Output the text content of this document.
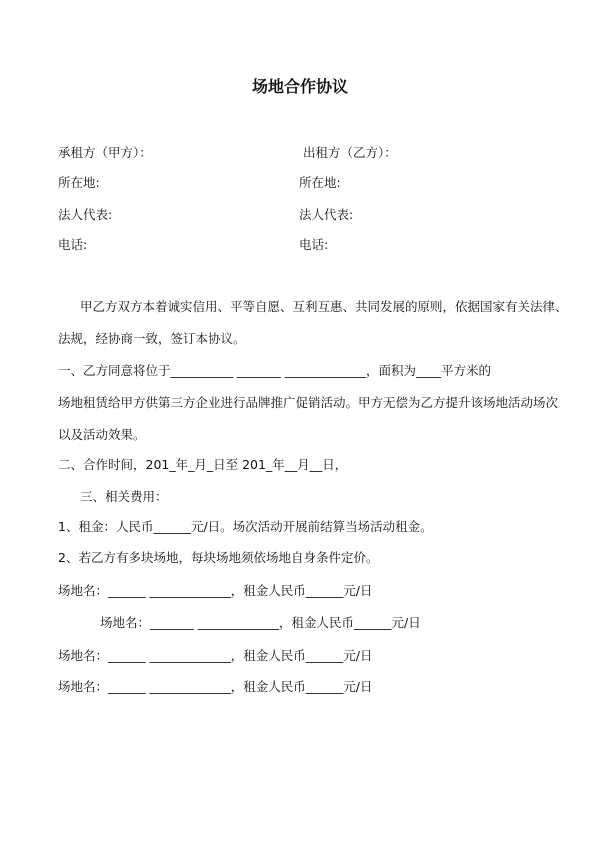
场地合作协议
承租方（甲方）：	出租方（乙方）：
所在地:	所在地:
法人代表:	法人代表:
电话:	电话:
甲乙方双方本着诚实信用、平等自愿、互利互惠、共同发展的原则，依据国家有关法律、
法规，经协商一致，签订本协议。
一、乙方同意将位于__________ _______ _____________，面积为____平方米的
场地租赁给甲方供第三方企业进行品牌推广促销活动。甲方无偿为乙方提升该场地活动场次
以及活动效果。
二、合作时间，201_年_月_日至 201_年__月__日，
三、相关费用：
1、租金：人民币______元/日。场次活动开展前结算当场活动租金。
2、若乙方有多块场地，每块场地须依场地自身条件定价。
场地名：______ _____________，租金人民币______元/日
场地名：_______ _____________，租金人民币______元/日
场地名：______ _____________，租金人民币______元/日
场地名：______ _____________，租金人民币______元/日
